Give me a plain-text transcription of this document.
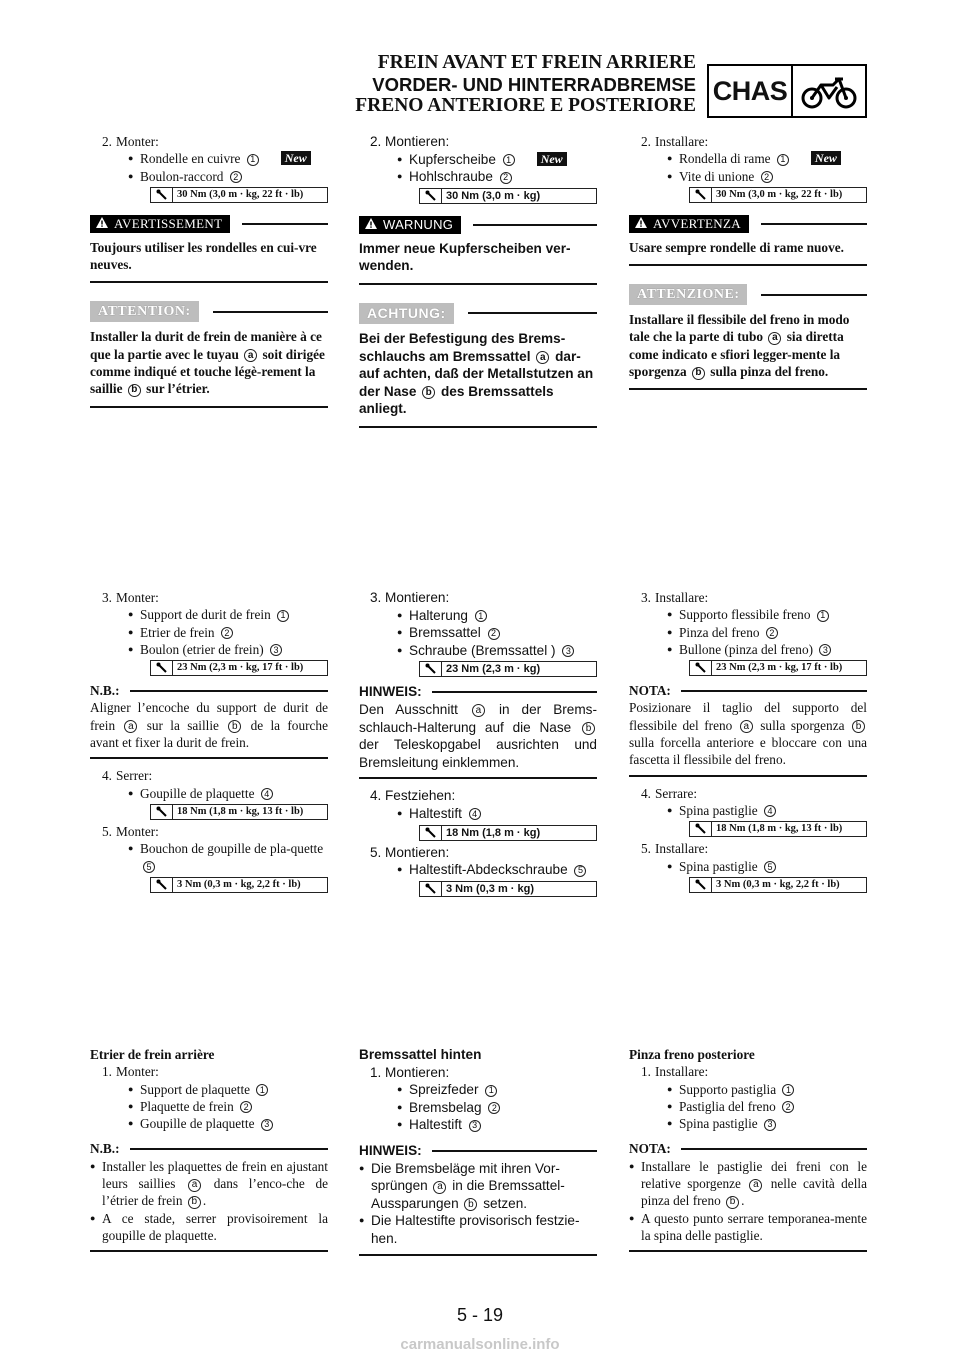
FREIN AVANT ET FREIN ARRIERE
VORDER- UND HINTERRADBREMSE
FRENO ANTERIORE E POSTERIORE CHAS
2. Monter:
● Rondelle en cuivre 1 New
● Boulon-raccord 2
30 Nm (3,0 m · kg, 22 ft · lb)
AVERTISSEMENT
Toujours utiliser les rondelles en cui-vre neuves.
ATTENTION:
Installer la durit de frein de manière à ce que la partie avec le tuyau a soit dirigée comme indiqué et touche légè-rement la saillie b sur l’étrier.
2. Montieren:
● Kupferscheibe 1 New
● Hohlschraube 2
30 Nm (3,0 m · kg)
WARNUNG
Immer neue Kupferscheiben ver-wenden.
ACHTUNG:
Bei der Befestigung des Brems-schlauchs am Bremssattel a dar-auf achten, daß der Metallstutzen an der Nase b des Bremssattels anliegt.
2. Installare:
● Rondella di rame 1 New
● Vite di unione 2
30 Nm (3,0 m · kg, 22 ft · lb)
AVVERTENZA
Usare sempre rondelle di rame nuove.
ATTENZIONE:
Installare il flessibile del freno in modo tale che la parte di tubo a sia diretta come indicato e sfiori legger-mente la sporgenza b sulla pinza del freno.
3. Monter:
● Support de durit de frein 1
● Etrier de frein 2
● Boulon (etrier de frein) 3
23 Nm (2,3 m · kg, 17 ft · lb)
N.B.:
Aligner l’encoche du support de durit de frein a sur la saillie b de la fourche avant et fixer la durit de frein.
4. Serrer:
● Goupille de plaquette 4
18 Nm (1,8 m · kg, 13 ft · lb)
5. Monter:
● Bouchon de goupille de pla-quette 5
3 Nm (0,3 m · kg, 2,2 ft · lb)
3. Montieren:
● Halterung 1
● Bremssattel 2
● Schraube (Bremssattel ) 3
23 Nm (2,3 m · kg)
HINWEIS:
Den Ausschnitt a in der Brems-schlauch-Halterung auf die Nase b der Teleskopgabel ausrichten und Bremsleitung einklemmen.
4. Festziehen:
● Haltestift 4
18 Nm (1,8 m · kg)
5. Montieren:
● Haltestift-Abdeckschraube 5
3 Nm (0,3 m · kg)
3. Installare:
● Supporto flessibile freno 1
● Pinza del freno 2
● Bullone (pinza del freno) 3
23 Nm (2,3 m · kg, 17 ft · lb)
NOTA:
Posizionare il taglio del supporto del flessibile del freno a sulla sporgenza b sulla forcella anteriore e bloccare con una fascetta il flessibile del freno.
4. Serrare:
● Spina pastiglie 4
18 Nm (1,8 m · kg, 13 ft · lb)
5. Installare:
● Spina pastiglie 5
3 Nm (0,3 m · kg, 2,2 ft · lb)
Etrier de frein arrière
1. Monter:
● Support de plaquette 1
● Plaquette de frein 2
● Goupille de plaquette 3
N.B.:
● Installer les plaquettes de frein en ajustant leurs saillies a dans l’enco-che de l’étrier de frein b .
● A ce stade, serrer provisoirement la goupille de plaquette.
Bremssattel hinten
1. Montieren:
● Spreizfeder 1
● Bremsbelag 2
● Haltestift 3
HINWEIS:
● Die Bremsbeläge mit ihren Vor-sprüngen a in die Bremssattel-Aussparungen b setzen.
● Die Haltestifte provisorisch festzie-hen.
Pinza freno posteriore
1. Installare:
● Supporto pastiglia 1
● Pastiglia del freno 2
● Spina pastiglie 3
NOTA:
● Installare le pastiglie dei freni con le relative sporgenze a nelle cavità della pinza del freno b .
● A questo punto serrare temporanea-mente la spina delle pastiglie.
5 - 19
carmanualsonline.info
